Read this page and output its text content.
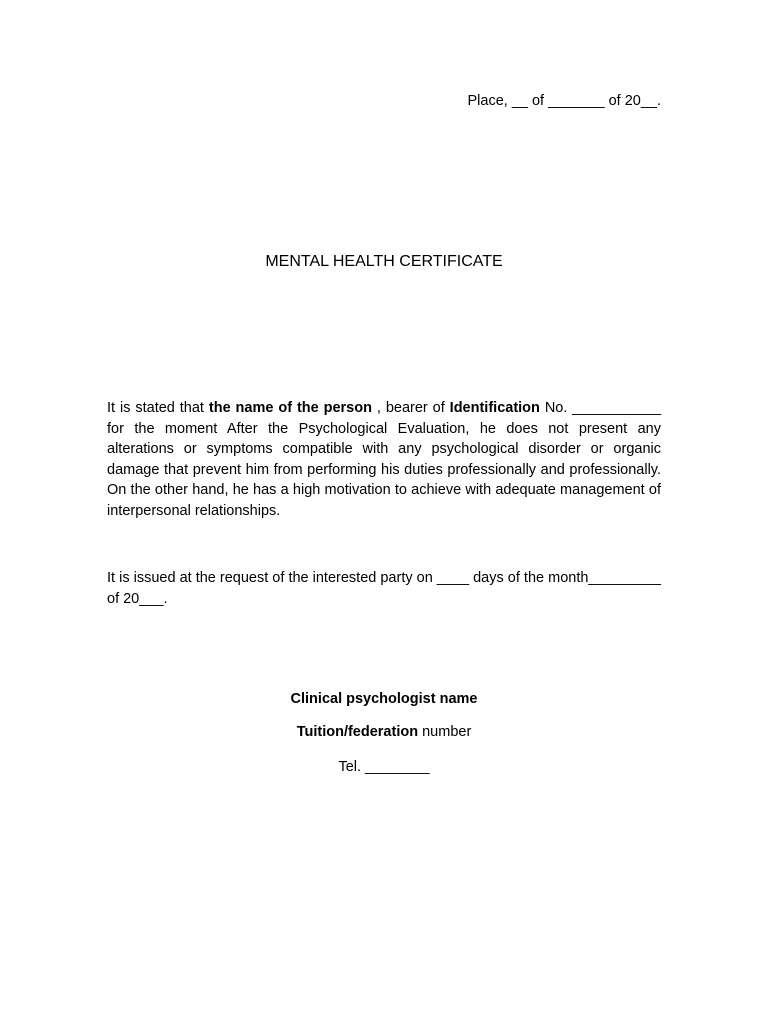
Place, __ of _______ of 20__.
MENTAL HEALTH CERTIFICATE

It is stated that the name of the person , bearer of Identification No. ___________ for the moment After the Psychological Evaluation, he does not present any alterations or symptoms compatible with any psychological disorder or organic damage that prevent him from performing his duties professionally and professionally. On the other hand, he has a high motivation to achieve with adequate management of interpersonal relationships.

It is issued at the request of the interested party on ____ days of the month_________ of 20___.

Clinical psychologist name

Tuition/federation number

Tel. ________
